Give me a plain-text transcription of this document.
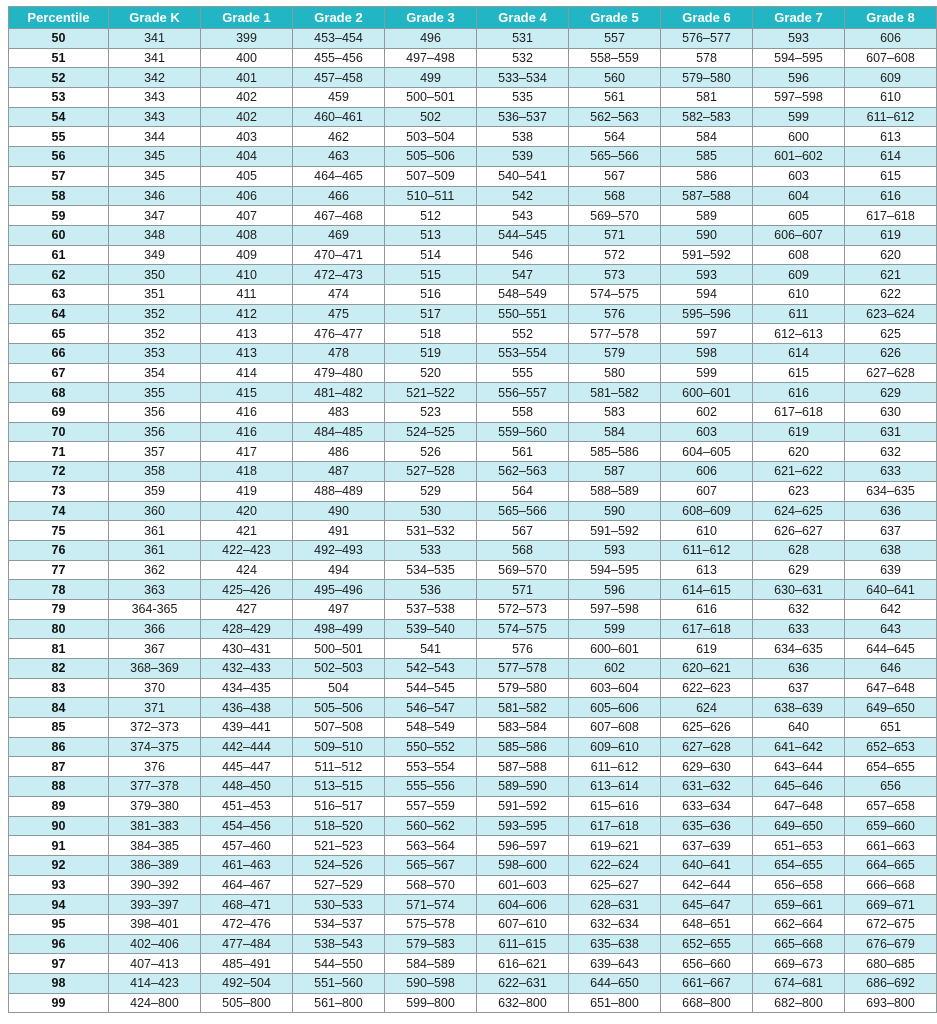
Percentile	Grade K	Grade 1	Grade 2	Grade 3	Grade 4	Grade 5	Grade 6	Grade 7	Grade 8
50	341	399	453–454	496	531	557	576–577	593	606
51	341	400	455–456	497–498	532	558–559	578	594–595	607–608
52	342	401	457–458	499	533–534	560	579–580	596	609
53	343	402	459	500–501	535	561	581	597–598	610
54	343	402	460–461	502	536–537	562–563	582–583	599	611–612
55	344	403	462	503–504	538	564	584	600	613
56	345	404	463	505–506	539	565–566	585	601–602	614
57	345	405	464–465	507–509	540–541	567	586	603	615
58	346	406	466	510–511	542	568	587–588	604	616
59	347	407	467–468	512	543	569–570	589	605	617–618
60	348	408	469	513	544–545	571	590	606–607	619
61	349	409	470–471	514	546	572	591–592	608	620
62	350	410	472–473	515	547	573	593	609	621
63	351	411	474	516	548–549	574–575	594	610	622
64	352	412	475	517	550–551	576	595–596	611	623–624
65	352	413	476–477	518	552	577–578	597	612–613	625
66	353	413	478	519	553–554	579	598	614	626
67	354	414	479–480	520	555	580	599	615	627–628
68	355	415	481–482	521–522	556–557	581–582	600–601	616	629
69	356	416	483	523	558	583	602	617–618	630
70	356	416	484–485	524–525	559–560	584	603	619	631
71	357	417	486	526	561	585–586	604–605	620	632
72	358	418	487	527–528	562–563	587	606	621–622	633
73	359	419	488–489	529	564	588–589	607	623	634–635
74	360	420	490	530	565–566	590	608–609	624–625	636
75	361	421	491	531–532	567	591–592	610	626–627	637
76	361	422–423	492–493	533	568	593	611–612	628	638
77	362	424	494	534–535	569–570	594–595	613	629	639
78	363	425–426	495–496	536	571	596	614–615	630–631	640–641
79	364-365	427	497	537–538	572–573	597–598	616	632	642
80	366	428–429	498–499	539–540	574–575	599	617–618	633	643
81	367	430–431	500–501	541	576	600–601	619	634–635	644–645
82	368–369	432–433	502–503	542–543	577–578	602	620–621	636	646
83	370	434–435	504	544–545	579–580	603–604	622–623	637	647–648
84	371	436–438	505–506	546–547	581–582	605–606	624	638–639	649–650
85	372–373	439–441	507–508	548–549	583–584	607–608	625–626	640	651
86	374–375	442–444	509–510	550–552	585–586	609–610	627–628	641–642	652–653
87	376	445–447	511–512	553–554	587–588	611–612	629–630	643–644	654–655
88	377–378	448–450	513–515	555–556	589–590	613–614	631–632	645–646	656
89	379–380	451–453	516–517	557–559	591–592	615–616	633–634	647–648	657–658
90	381–383	454–456	518–520	560–562	593–595	617–618	635–636	649–650	659–660
91	384–385	457–460	521–523	563–564	596–597	619–621	637–639	651–653	661–663
92	386–389	461–463	524–526	565–567	598–600	622–624	640–641	654–655	664–665
93	390–392	464–467	527–529	568–570	601–603	625–627	642–644	656–658	666–668
94	393–397	468–471	530–533	571–574	604–606	628–631	645–647	659–661	669–671
95	398–401	472–476	534–537	575–578	607–610	632–634	648–651	662–664	672–675
96	402–406	477–484	538–543	579–583	611–615	635–638	652–655	665–668	676–679
97	407–413	485–491	544–550	584–589	616–621	639–643	656–660	669–673	680–685
98	414–423	492–504	551–560	590–598	622–631	644–650	661–667	674–681	686–692
99	424–800	505–800	561–800	599–800	632–800	651–800	668–800	682–800	693–800
